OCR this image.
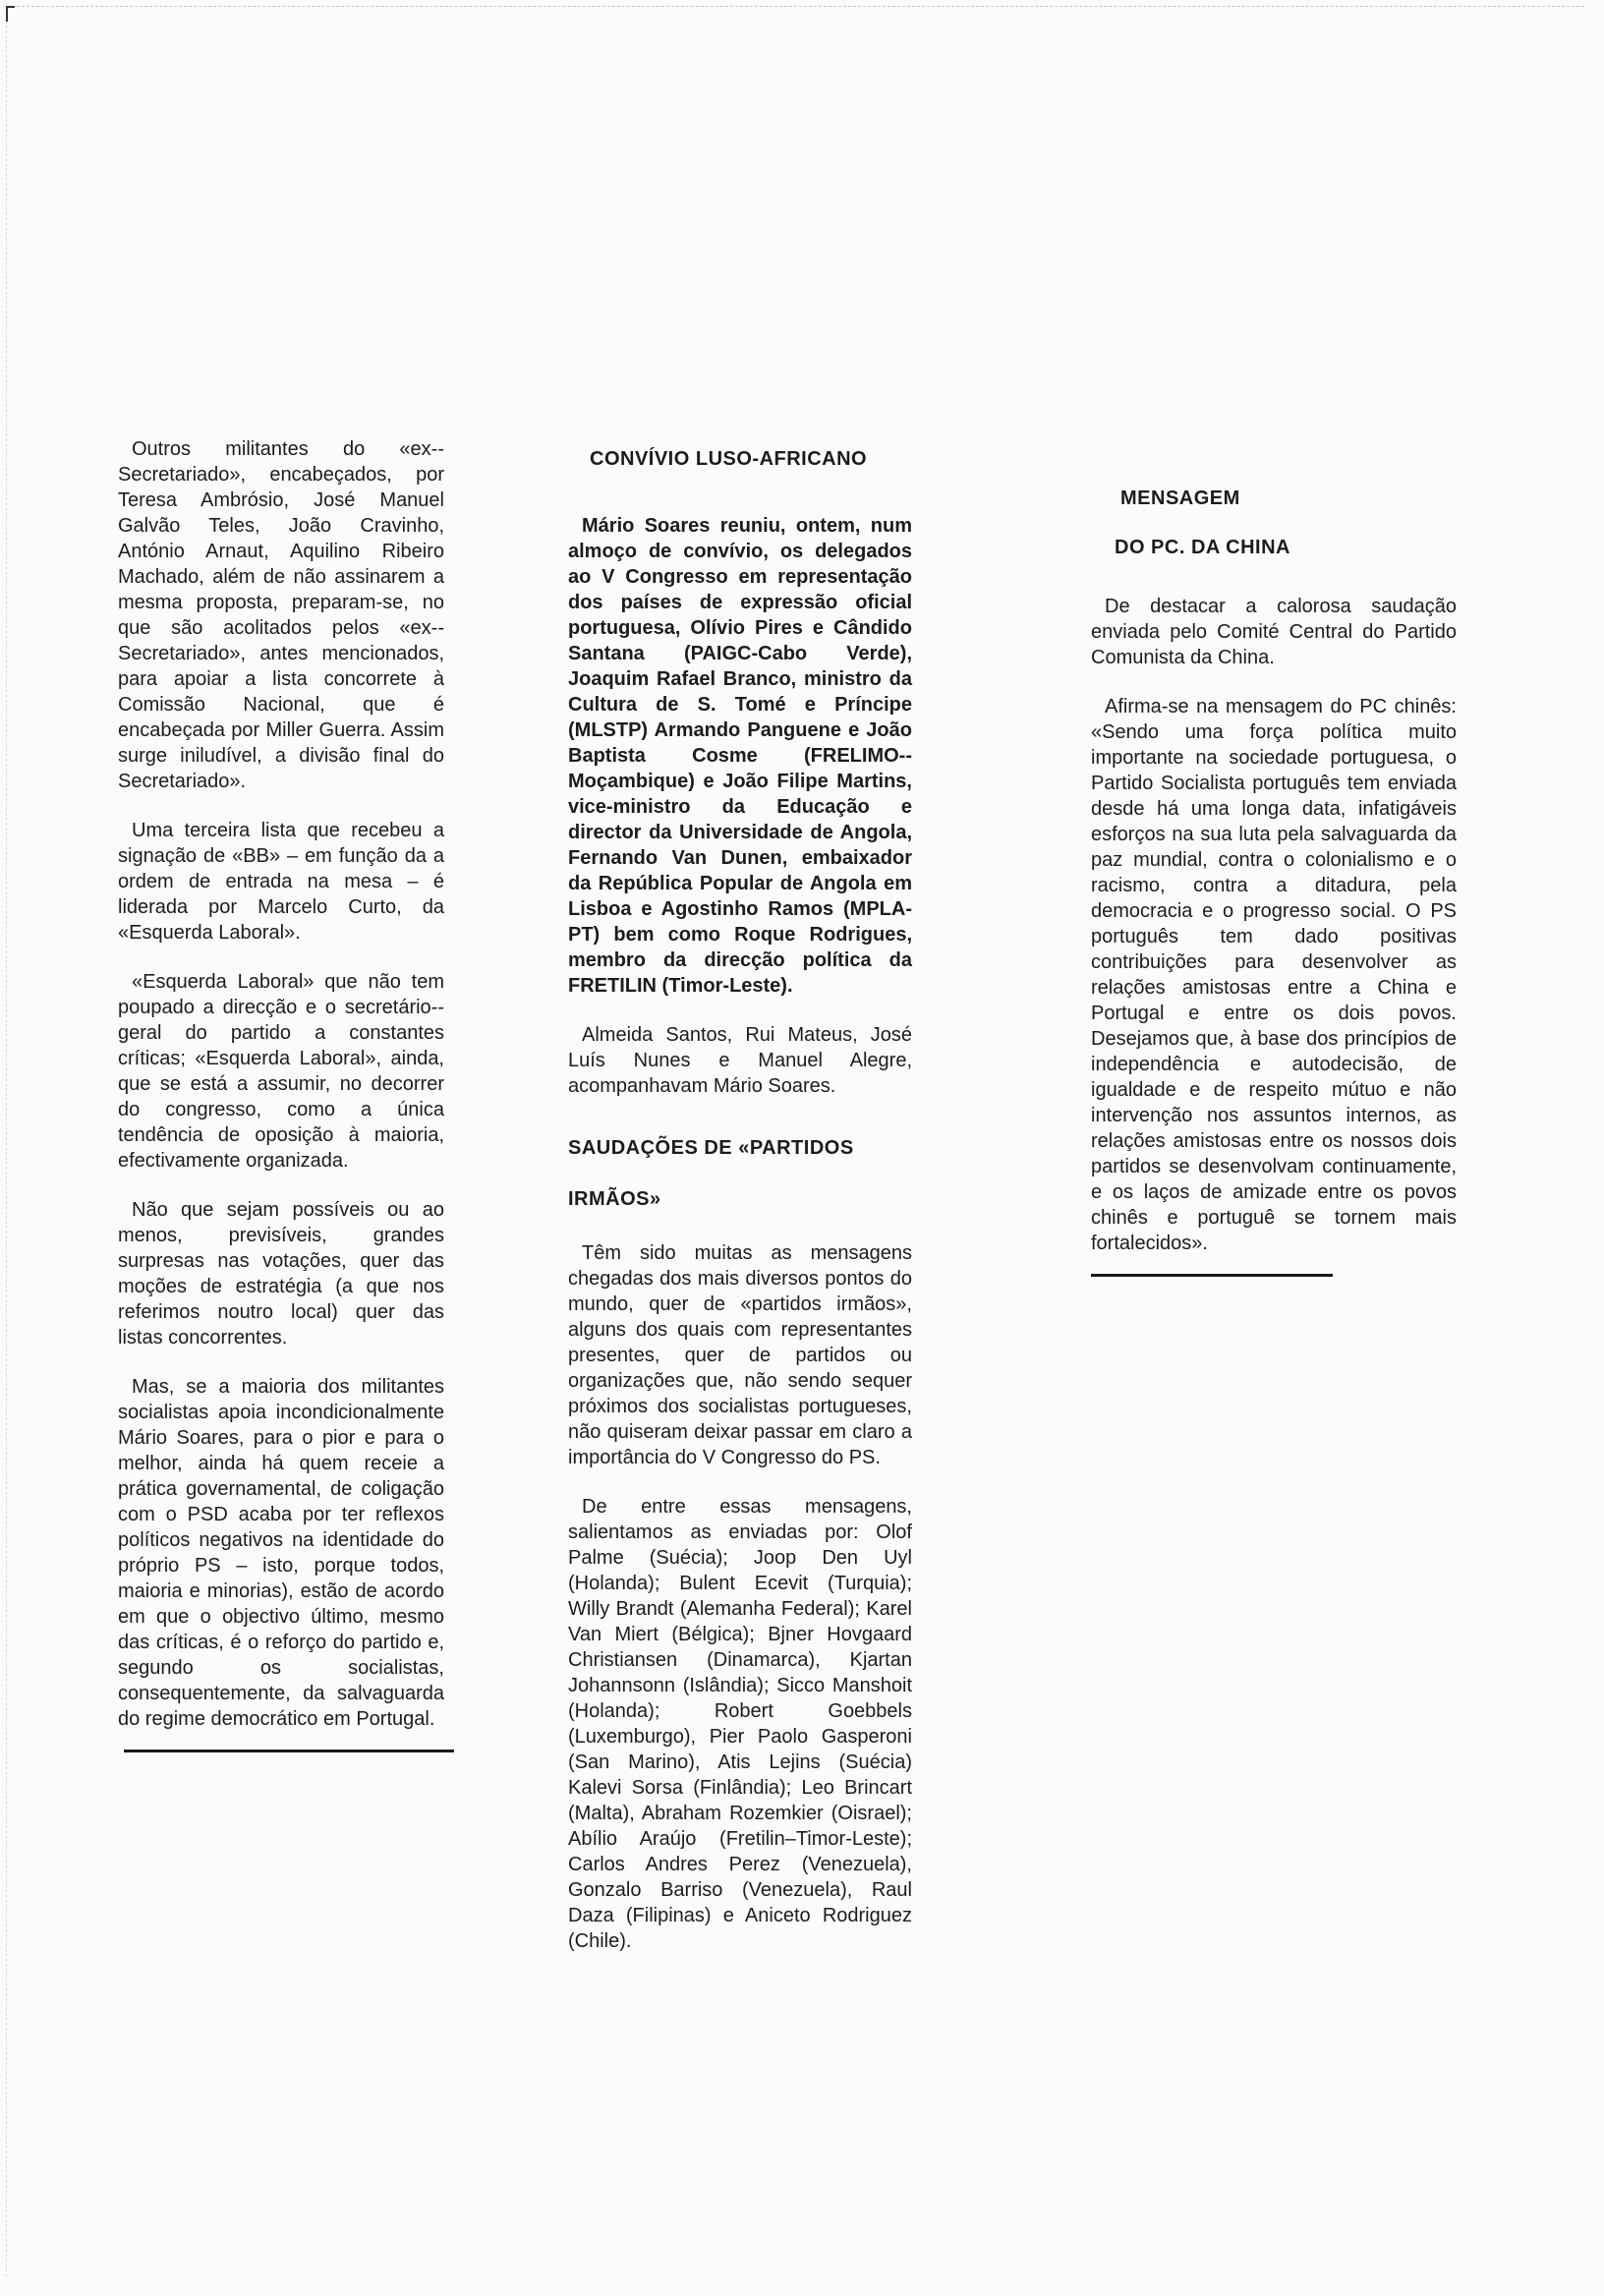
Outros militantes do «ex--Secretariado», encabeçados, por Teresa Ambrósio, José Manuel Galvão Teles, João Cravinho, António Arnaut, Aquilino Ribeiro Machado, além de não assinarem a mesma proposta, preparam-se, no que são acolitados pelos «ex--Secretariado», antes mencionados, para apoiar a lista concorrete à Comissão Nacional, que é encabeçada por Miller Guerra. Assim surge iniludível, a divisão final do Secretariado».

Uma terceira lista que recebeu a signação de «BB» – em função da a ordem de entrada na mesa – é liderada por Marcelo Curto, da «Esquerda Laboral».

«Esquerda Laboral» que não tem poupado a direcção e o secretário--geral do partido a constantes críticas; «Esquerda Laboral», ainda, que se está a assumir, no decorrer do congresso, como a única tendência de oposição à maioria, efectivamente organizada.

Não que sejam possíveis ou ao menos, previsíveis, grandes surpresas nas votações, quer das moções de estratégia (a que nos referimos noutro local) quer das listas concorrentes.

Mas, se a maioria dos militantes socialistas apoia incondicionalmente Mário Soares, para o pior e para o melhor, ainda há quem receie a prática governamental, de coligação com o PSD acaba por ter reflexos políticos negativos na identidade do próprio PS – isto, porque todos, maioria e minorias), estão de acordo em que o objectivo último, mesmo das críticas, é o reforço do partido e, segundo os socialistas, consequentemente, da salvaguarda do regime democrático em Portugal.

CONVÍVIO LUSO-AFRICANO

Mário Soares reuniu, ontem, num almoço de convívio, os delegados ao V Congresso em representação dos países de expressão oficial portuguesa, Olívio Pires e Cândido Santana (PAIGC-Cabo Verde), Joaquim Rafael Branco, ministro da Cultura de S. Tomé e Príncipe (MLSTP) Armando Panguene e João Baptista Cosme (FRELIMO--Moçambique) e João Filipe Martins, vice-ministro da Educação e director da Universidade de Angola, Fernando Van Dunen, embaixador da República Popular de Angola em Lisboa e Agostinho Ramos (MPLA-PT) bem como Roque Rodrigues, membro da direcção política da FRETILIN (Timor-Leste).

Almeida Santos, Rui Mateus, José Luís Nunes e Manuel Alegre, acompanhavam Mário Soares.

SAUDAÇÕES DE «PARTIDOS IRMÃOS»

Têm sido muitas as mensagens chegadas dos mais diversos pontos do mundo, quer de «partidos irmãos», alguns dos quais com representantes presentes, quer de partidos ou organizações que, não sendo sequer próximos dos socialistas portugueses, não quiseram deixar passar em claro a importância do V Congresso do PS.

De entre essas mensagens, salientamos as enviadas por: Olof Palme (Suécia); Joop Den Uyl (Holanda); Bulent Ecevit (Turquia); Willy Brandt (Alemanha Federal); Karel Van Miert (Bélgica); Bjner Hovgaard Christiansen (Dinamarca), Kjartan Johannsonn (Islândia); Sicco Manshoit (Holanda); Robert Goebbels (Luxemburgo), Pier Paolo Gasperoni (San Marino), Atis Lejins (Suécia) Kalevi Sorsa (Finlândia); Leo Brincart (Malta), Abraham Rozemkier (Oisrael); Abílio Araújo (Fretilin–Timor-Leste); Carlos Andres Perez (Venezuela), Gonzalo Barriso (Venezuela), Raul Daza (Filipinas) e Aniceto Rodriguez (Chile).

MENSAGEM
DO PC. DA CHINA

De destacar a calorosa saudação enviada pelo Comité Central do Partido Comunista da China.

Afirma-se na mensagem do PC chinês: «Sendo uma força política muito importante na sociedade portuguesa, o Partido Socialista português tem enviada desde há uma longa data, infatigáveis esforços na sua luta pela salvaguarda da paz mundial, contra o colonialismo e o racismo, contra a ditadura, pela democracia e o progresso social. O PS português tem dado positivas contribuições para desenvolver as relações amistosas entre a China e Portugal e entre os dois povos. Desejamos que, à base dos princípios de independência e autodecisão, de igualdade e de respeito mútuo e não intervenção nos assuntos internos, as relações amistosas entre os nossos dois partidos se desenvolvam continuamente, e os laços de amizade entre os povos chinês e portuguê se tornem mais fortalecidos».
